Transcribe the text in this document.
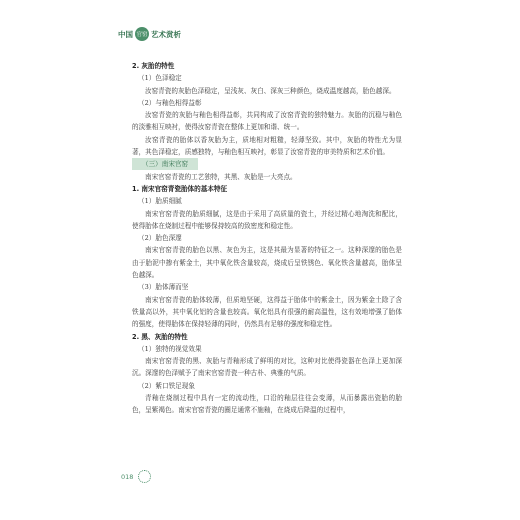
中国 官窑 艺术赏析
2. 灰胎的特性
（1）色泽稳定

汝窑青瓷的灰胎色泽稳定，呈浅灰、灰白、深灰三种颜色，烧成温度越高，胎色越深。

（2）与釉色相得益彰

汝窑青瓷的灰胎与釉色相得益彰，共同构成了汝窑青瓷的独特魅力。灰胎的沉稳与釉色的淡雅相互映衬，使得汝窑青瓷在整体上更加和谐、统一。

汝窑青瓷的胎体以香灰胎为主，质地相对粗糙，轻薄坚致。其中，灰胎的特性尤为显著，其色泽稳定，质感独特，与釉色相互映衬，彰显了汝窑青瓷的审美特质和艺术价值。

（三）南宋官窑

南宋官窑青瓷的工艺独特，其黑、灰胎是一大亮点。

1. 南宋官窑青瓷胎体的基本特征
（1）胎质细腻

南宋官窑青瓷的胎质细腻，这是由于采用了高质量的瓷土，并经过精心地淘洗和配比，使得胎体在烧制过程中能够保持较高的致密度和稳定性。

（2）胎色深邃

南宋官窑青瓷的胎色以黑、灰色为主，这是其最为显著的特征之一。这种深邃的胎色是由于胎泥中掺有紫金土，其中氧化铁含量较高，烧成后呈铁锈色、氧化铁含量越高，胎体呈色越深。

（3）胎体薄而坚

南宋官窑青瓷的胎体较薄，但质地坚硬，这得益于胎体中的紫金土，因为紫金土除了含铁量高以外，其中氧化铝的含量也较高。氧化铝具有很强的耐高温性，这有效地增强了胎体的强度，使得胎体在保持轻薄的同时，仍然具有足够的强度和稳定性。

2. 黑、灰胎的特性
（1）独特的视觉效果

南宋官窑青瓷的黑、灰胎与青釉形成了鲜明的对比，这种对比使得瓷器在色泽上更加深沉。深邃的色泽赋予了南宋官窑青瓷一种古朴、典雅的气质。

（2）紫口铁足现象

青釉在烧制过程中具有一定的流动性，口沿的釉层往往会变薄，从而暴露出瓷胎的胎色，呈紫褐色。南宋官窑青瓷的圈足通常不施釉，在烧成后降温的过程中，

018
